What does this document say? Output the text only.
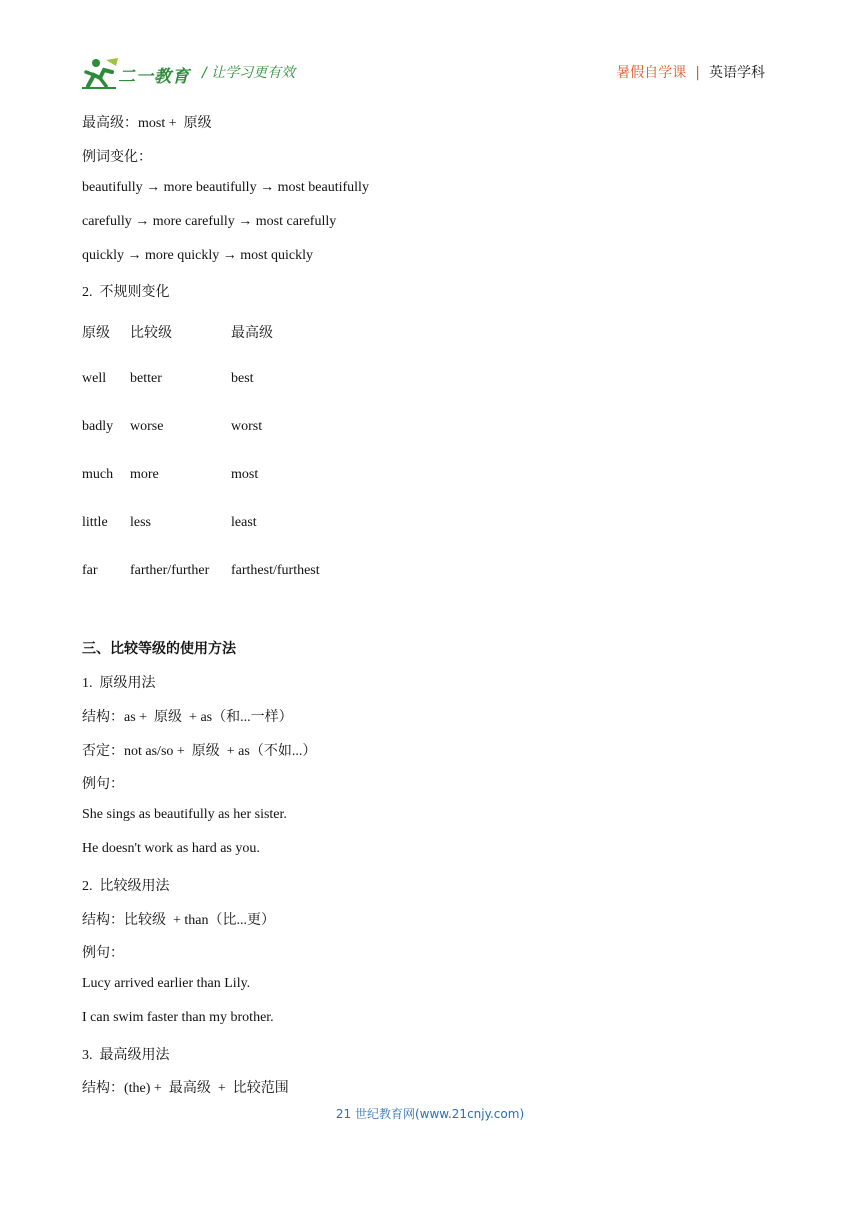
二一教育 / 让学习更有效	暑假自学课 | 英语学科
最高级：most +  原级
例词变化：
beautifully → more beautifully → most beautifully
carefully → more carefully → most carefully
quickly → more quickly → most quickly
2.  不规则变化
原级 比较级	最高级
well better	best
badly worse	worst
much more	most
little less	least
far farther/further farthest/furthest
三、比较等级的使用方法
1.  原级用法
结构：as +  原级  + as（和...一样）
否定：not as/so +  原级  + as（不如...）
例句：
She sings as beautifully as her sister.
He doesn't work as hard as you.
2.  比较级用法
结构：比较级  + than（比...更）
例句：
Lucy arrived earlier than Lily.
I can swim faster than my brother.
3.  最高级用法
结构：(the) +  最高级  +  比较范围
21 世纪教育网(www.21cnjy.com)
